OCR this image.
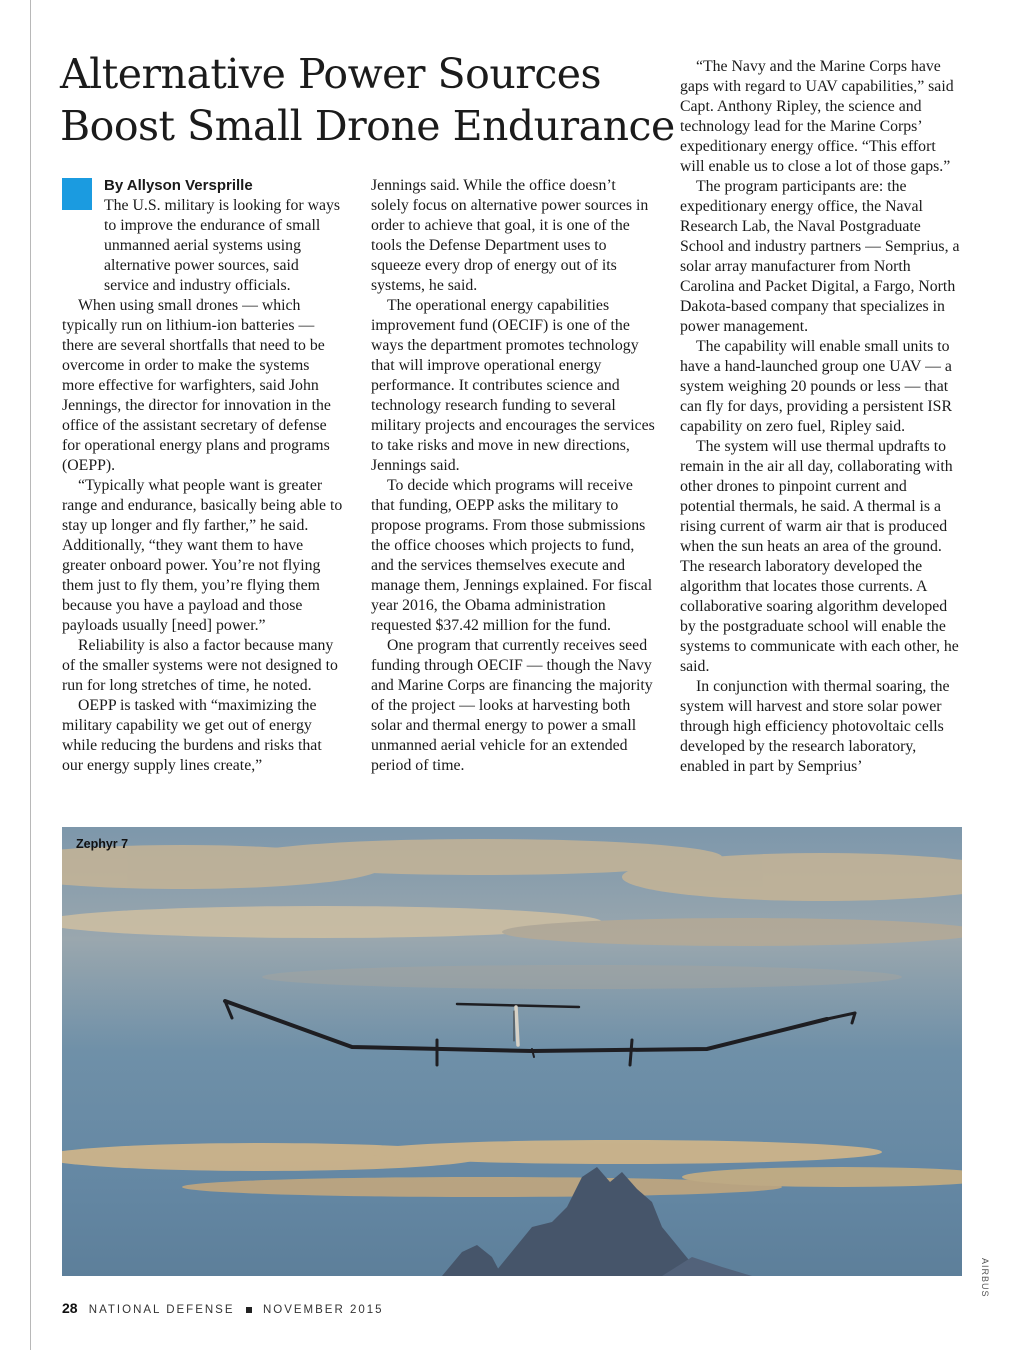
Alternative Power Sources Boost Small Drone Endurance
By Allyson Versprille

The U.S. military is looking for ways to improve the endurance of small unmanned aerial systems using alternative power sources, said service and industry officials.

When using small drones — which typically run on lithium-ion batteries — there are several shortfalls that need to be overcome in order to make the systems more effective for warfighters, said John Jennings, the director for innovation in the office of the assistant secretary of defense for operational energy plans and programs (OEPP).

“Typically what people want is greater range and endurance, basically being able to stay up longer and fly farther,” he said. Additionally, “they want them to have greater onboard power. You’re not flying them just to fly them, you’re flying them because you have a payload and those payloads usually [need] power.”

Reliability is also a factor because many of the smaller systems were not designed to run for long stretches of time, he noted.

OEPP is tasked with “maximizing the military capability we get out of energy while reducing the burdens and risks that our energy supply lines create,”

Jennings said. While the office doesn’t solely focus on alternative power sources in order to achieve that goal, it is one of the tools the Defense Department uses to squeeze every drop of energy out of its systems, he said.

The operational energy capabilities improvement fund (OECIF) is one of the ways the department promotes technology that will improve operational energy performance. It contributes science and technology research funding to several military projects and encourages the services to take risks and move in new directions, Jennings said.

To decide which programs will receive that funding, OEPP asks the military to propose programs. From those submissions the office chooses which projects to fund, and the services themselves execute and manage them, Jennings explained. For fiscal year 2016, the Obama administration requested $37.42 million for the fund.

One program that currently receives seed funding through OECIF — though the Navy and Marine Corps are financing the majority of the project — looks at harvesting both solar and thermal energy to power a small unmanned aerial vehicle for an extended period of time.

“The Navy and the Marine Corps have gaps with regard to UAV capabilities,” said Capt. Anthony Ripley, the science and technology lead for the Marine Corps’ expeditionary energy office. “This effort will enable us to close a lot of those gaps.”

The program participants are: the expeditionary energy office, the Naval Research Lab, the Naval Postgraduate School and industry partners — Semprius, a solar array manufacturer from North Carolina and Packet Digital, a Fargo, North Dakota-based company that specializes in power management.

The capability will enable small units to have a hand-launched group one UAV — a system weighing 20 pounds or less — that can fly for days, providing a persistent ISR capability on zero fuel, Ripley said.

The system will use thermal updrafts to remain in the air all day, collaborating with other drones to pinpoint current and potential thermals, he said. A thermal is a rising current of warm air that is produced when the sun heats an area of the ground. The research laboratory developed the algorithm that locates those currents. A collaborative soaring algorithm developed by the postgraduate school will enable the systems to communicate with each other, he said.

In conjunction with thermal soaring, the system will harvest and store solar power through high efficiency photovoltaic cells developed by the research laboratory, enabled in part by Semprius’

Zephyr 7
AIRBUS
28 NATIONAL DEFENSE NOVEMBER 2015
